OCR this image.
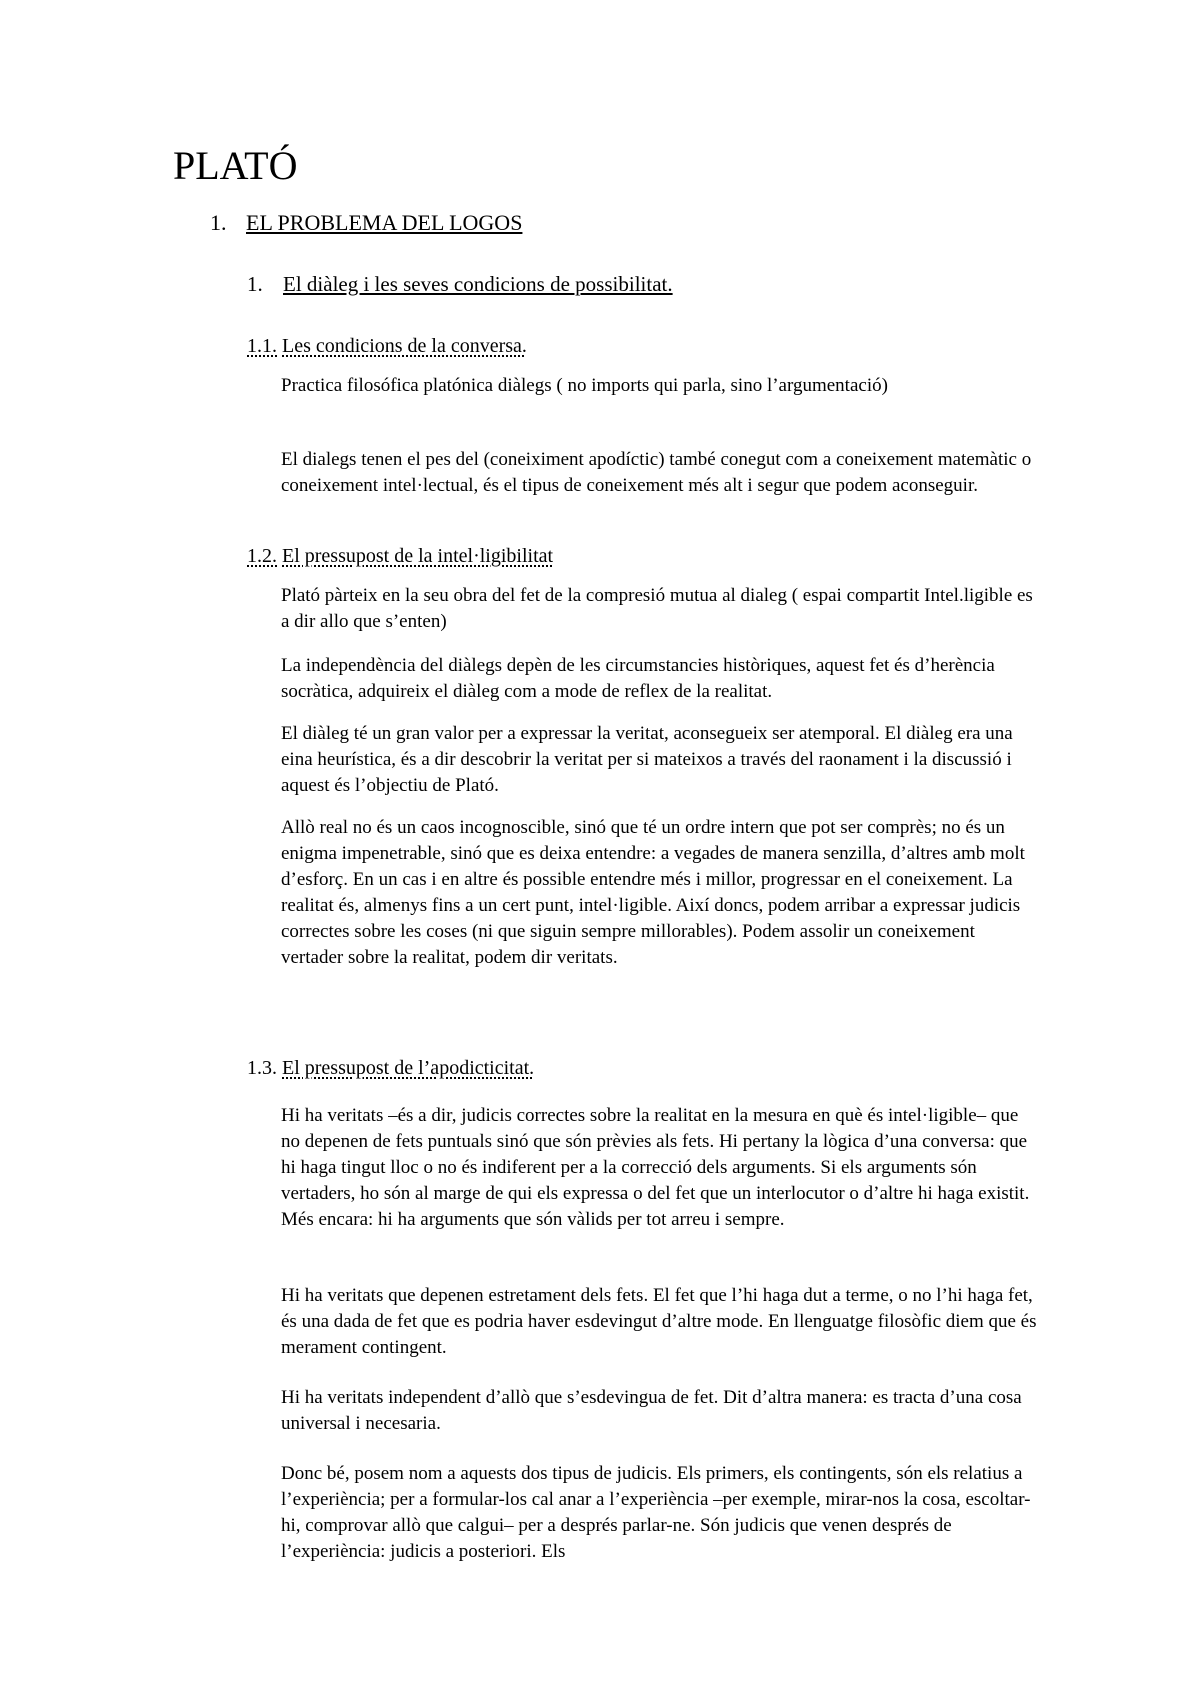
PLATÓ
1. EL PROBLEMA DEL LOGOS
1. El diàleg i les seves condicions de possibilitat.
1.1. Les condicions de la conversa.

Practica filosófica platónica diàlegs ( no imports qui parla, sino l’argumentació)

El dialegs tenen el pes del (coneiximent apodíctic) també conegut com a coneixement matemàtic o coneixement intel·lectual, és el tipus de coneixement més alt i segur que podem aconseguir.

1.2. El pressupost de la intel·ligibilitat

Plató pàrteix en la seu obra del fet de la compresió mutua al dialeg ( espai compartit Intel.ligible es a dir allo que s’enten)

La independència del diàlegs depèn de les circumstancies històriques, aquest fet és d’herència socràtica, adquireix el diàleg com a mode de reflex de la realitat.

El diàleg té un gran valor per a expressar la veritat, aconsegueix ser atemporal. El diàleg era una eina heurística, és a dir descobrir la veritat per si mateixos a través del raonament i la discussió i aquest és l’objectiu de Plató.

Allò real no és un caos incognoscible, sinó que té un ordre intern que pot ser comprès; no és un enigma impenetrable, sinó que es deixa entendre: a vegades de manera senzilla, d’altres amb molt d’esforç. En un cas i en altre és possible entendre més i millor, progressar en el coneixement. La realitat és, almenys fins a un cert punt, intel·ligible. Així doncs, podem arribar a expressar judicis correctes sobre les coses (ni que siguin sempre millorables). Podem assolir un coneixement vertader sobre la realitat, podem dir veritats.

1.3. El pressupost de l’apodicticitat.

Hi ha veritats –és a dir, judicis correctes sobre la realitat en la mesura en què és intel·ligible– que no depenen de fets puntuals sinó que són prèvies als fets. Hi pertany la lògica d’una conversa: que hi haga tingut lloc o no és indiferent per a la correcció dels arguments. Si els arguments són vertaders, ho són al marge de qui els expressa o del fet que un interlocutor o d’altre hi haga existit. Més encara: hi ha arguments que són vàlids per tot arreu i sempre.

Hi ha veritats que depenen estretament dels fets. El fet que l’hi haga dut a terme, o no l’hi haga fet, és una dada de fet que es podria haver esdevingut d’altre mode. En llenguatge filosòfic diem que és merament contingent.

Hi ha veritats independent d’allò que s’esdevingua de fet. Dit d’altra manera: es tracta d’una cosa universal i necesaria.

Donc bé, posem nom a aquests dos tipus de judicis. Els primers, els contingents, són els relatius a l’experiència; per a formular-los cal anar a l’experiència –per exemple, mirar-nos la cosa, escoltar-hi, comprovar allò que calgui– per a després parlar-ne. Són judicis que venen després de l’experiència: judicis a posteriori. Els
